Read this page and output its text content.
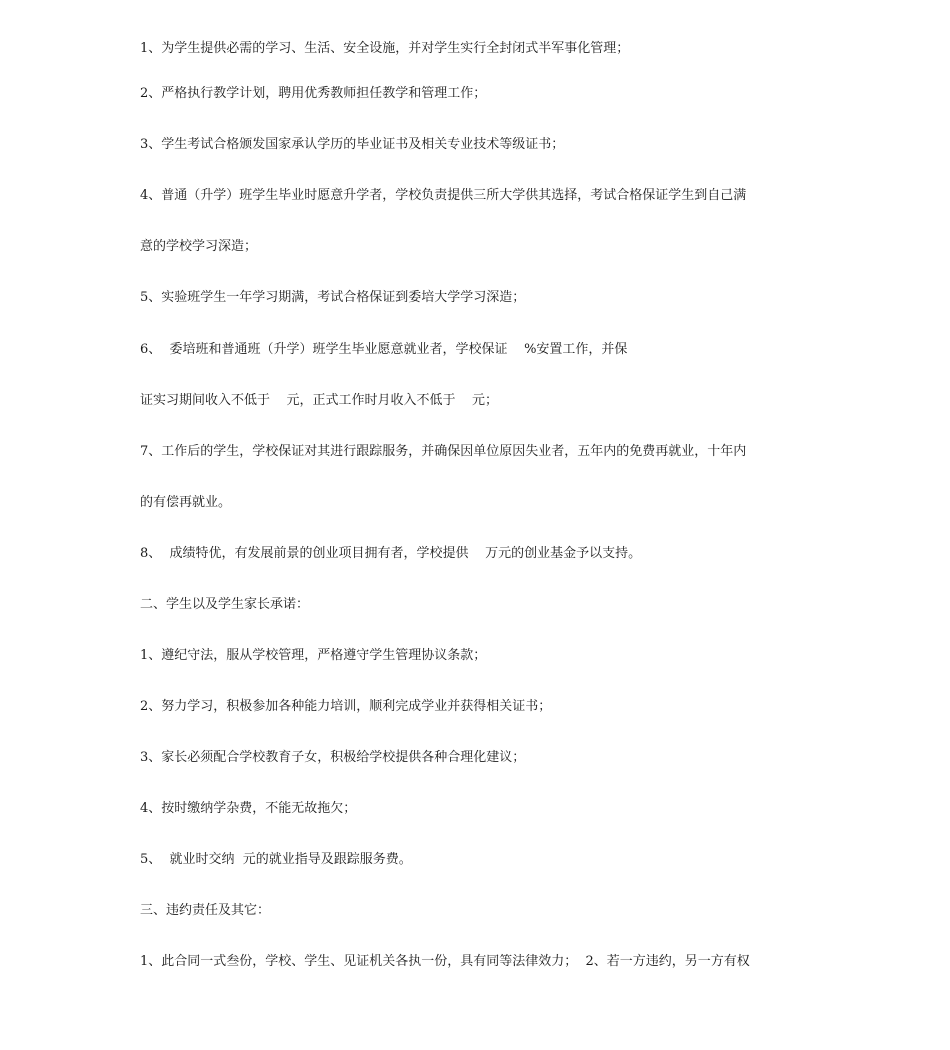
1、为学生提供必需的学习、生活、安全设施，并对学生实行全封闭式半军事化管理；

2、严格执行教学计划，聘用优秀教师担任教学和管理工作；

3、学生考试合格颁发国家承认学历的毕业证书及相关专业技术等级证书；

4、普通（升学）班学生毕业时愿意升学者，学校负责提供三所大学供其选择，考试合格保证学生到自己满

意的学校学习深造；

5、实验班学生一年学习期满，考试合格保证到委培大学学习深造；

6、  委培班和普通班（升学）班学生毕业愿意就业者，学校保证    %安置工作，并保

证实习期间收入不低于    元，正式工作时月收入不低于    元；

7、工作后的学生，学校保证对其进行跟踪服务，并确保因单位原因失业者，五年内的免费再就业，十年内

的有偿再就业。

8、  成绩特优，有发展前景的创业项目拥有者，学校提供    万元的创业基金予以支持。

二、学生以及学生家长承诺：

1、遵纪守法，服从学校管理，严格遵守学生管理协议条款；

2、努力学习，积极参加各种能力培训，顺利完成学业并获得相关证书；

3、家长必须配合学校教育子女，积极给学校提供各种合理化建议；

4、按时缴纳学杂费，不能无故拖欠；

5、  就业时交纳  元的就业指导及跟踪服务费。

三、违约责任及其它：

1、此合同一式叁份，学校、学生、见证机关各执一份，具有同等法律效力；  2、若一方违约，另一方有权
